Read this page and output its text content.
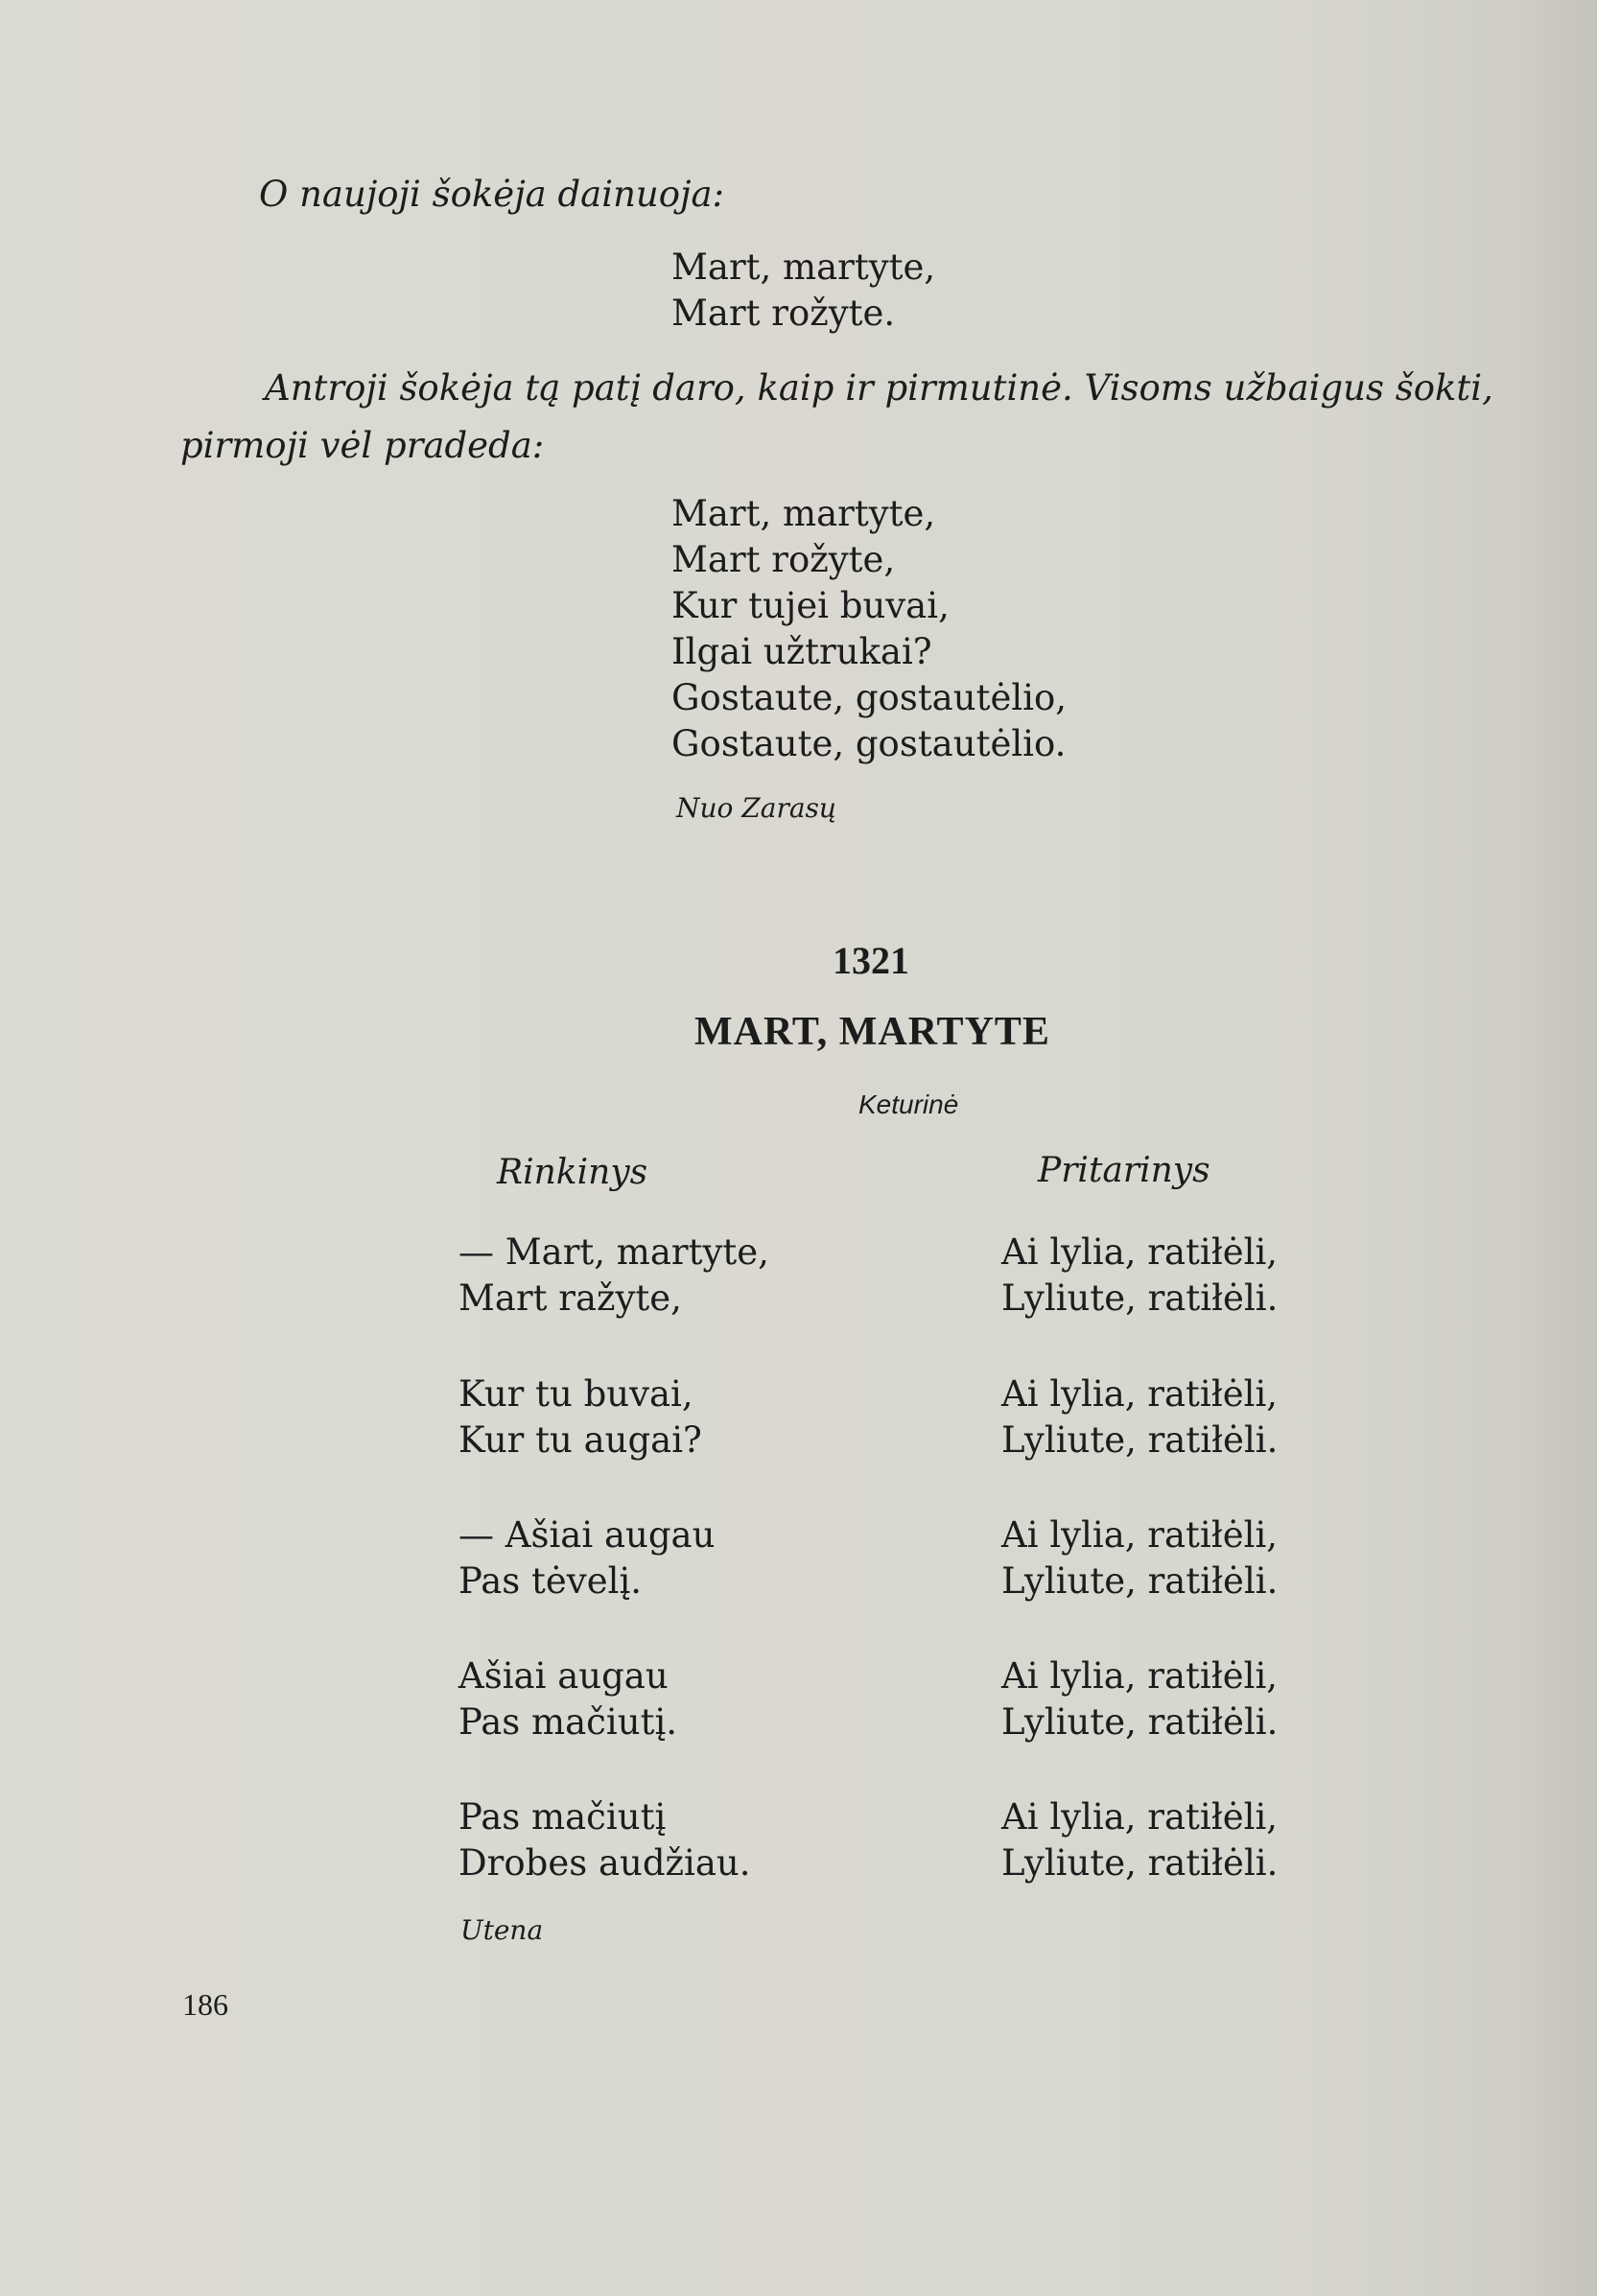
O naujoji šokėja dainuoja:
Mart, martyte,
Mart rožyte.
Antroji šokėja tą patį daro, kaip ir pirmutinė. Visoms užbaigus šokti,
pirmoji vėl pradeda:
Mart, martyte,
Mart rožyte,
Kur tujei buvai,
Ilgai užtrukai?
Gostaute, gostautėlio,
Gostaute, gostautėlio.
Nuo Zarasų
1321
MART, MARTYTE
Keturinė
Rinkinys	Pritarinys
— Mart, martyte,
Mart ražyte,
Kur tu buvai,
Kur tu augai?
— Ašiai augau
Pas tėvelį.
Ašiai augau
Pas mačiutį.
Pas mačiutį
Drobes audžiau.
Ai lylia, ratiłėli,
Lyliute, ratiłėli.
Ai lylia, ratiłėli,
Lyliute, ratiłėli.
Ai lylia, ratiłėli,
Lyliute, ratiłėli.
Ai lylia, ratiłėli,
Lyliute, ratiłėli.
Ai lylia, ratiłėli,
Lyliute, ratiłėli.
Utena
186
